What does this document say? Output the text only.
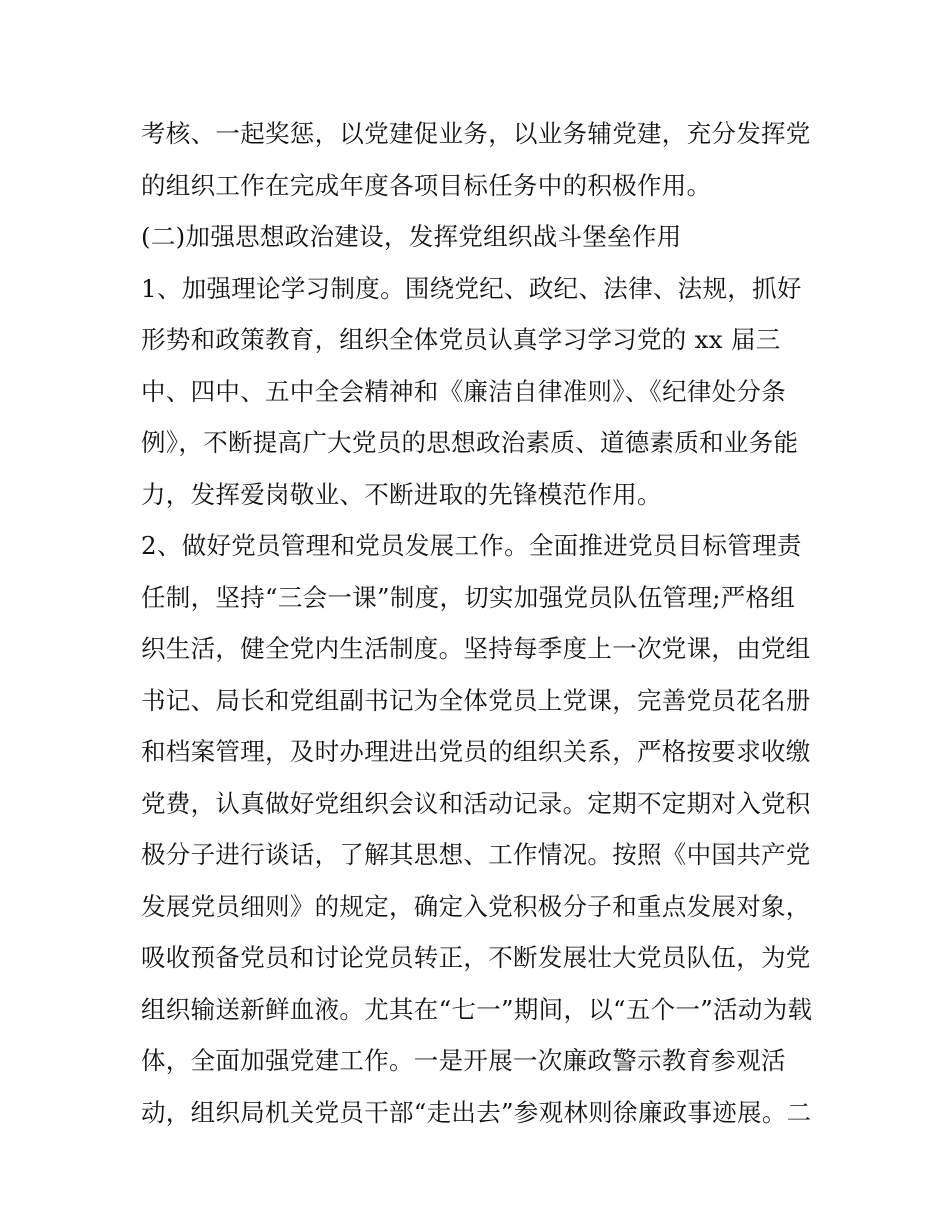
考核、一起奖惩，以党建促业务，以业务辅党建，充分发挥党
的组织工作在完成年度各项目标任务中的积极作用。
(二)加强思想政治建设，发挥党组织战斗堡垒作用
1、加强理论学习制度。围绕党纪、政纪、法律、法规，抓好
形势和政策教育，组织全体党员认真学习学习党的 xx 届三
中、四中、五中全会精神和《廉洁自律准则》、《纪律处分条
例》，不断提高广大党员的思想政治素质、道德素质和业务能
力，发挥爱岗敬业、不断进取的先锋模范作用。
2、做好党员管理和党员发展工作。全面推进党员目标管理责
任制，坚持“三会一课”制度，切实加强党员队伍管理;严格组
织生活，健全党内生活制度。坚持每季度上一次党课，由党组
书记、局长和党组副书记为全体党员上党课，完善党员花名册
和档案管理，及时办理进出党员的组织关系，严格按要求收缴
党费，认真做好党组织会议和活动记录。定期不定期对入党积
极分子进行谈话，了解其思想、工作情况。按照《中国共产党
发展党员细则》的规定，确定入党积极分子和重点发展对象，
吸收预备党员和讨论党员转正，不断发展壮大党员队伍，为党
组织输送新鲜血液。尤其在“七一”期间，以“五个一”活动为载
体，全面加强党建工作。一是开展一次廉政警示教育参观活
动，组织局机关党员干部“走出去”参观林则徐廉政事迹展。二
